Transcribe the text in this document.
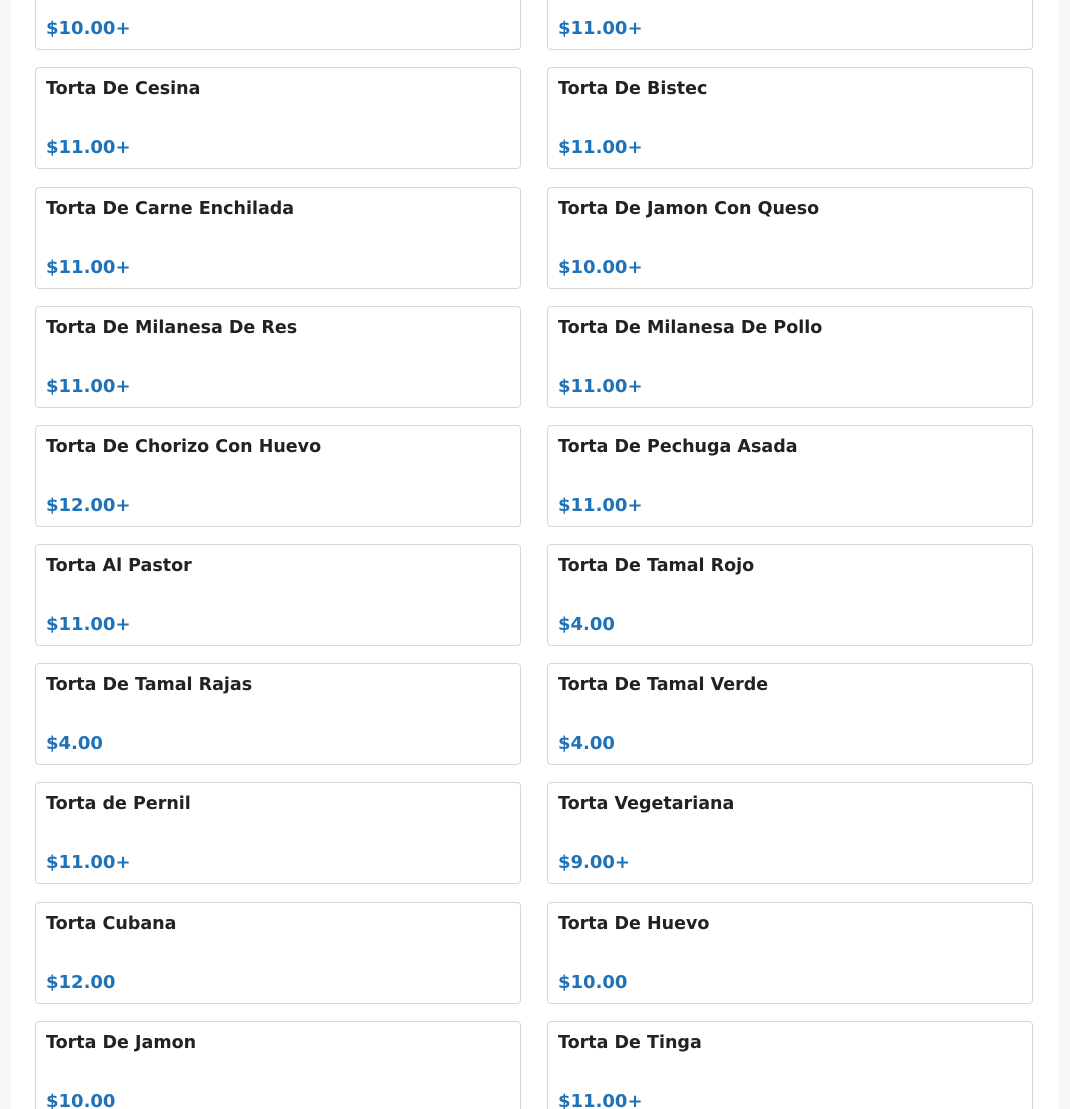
$10.00+	$11.00+
Torta De Cesina
$11.00+
Torta De Bistec
$11.00+
Torta De Carne Enchilada
$11.00+
Torta De Jamon Con Queso
$10.00+
Torta De Milanesa De Res
$11.00+
Torta De Milanesa De Pollo
$11.00+
Torta De Chorizo Con Huevo
$12.00+
Torta De Pechuga Asada
$11.00+
Torta Al Pastor
$11.00+
Torta De Tamal Rojo
$4.00
Torta De Tamal Rajas
$4.00
Torta De Tamal Verde
$4.00
Torta de Pernil
$11.00+
Torta Vegetariana
$9.00+
Torta Cubana
$12.00
Torta De Huevo
$10.00
Torta De Jamon
$10.00
Torta De Tinga
$11.00+
